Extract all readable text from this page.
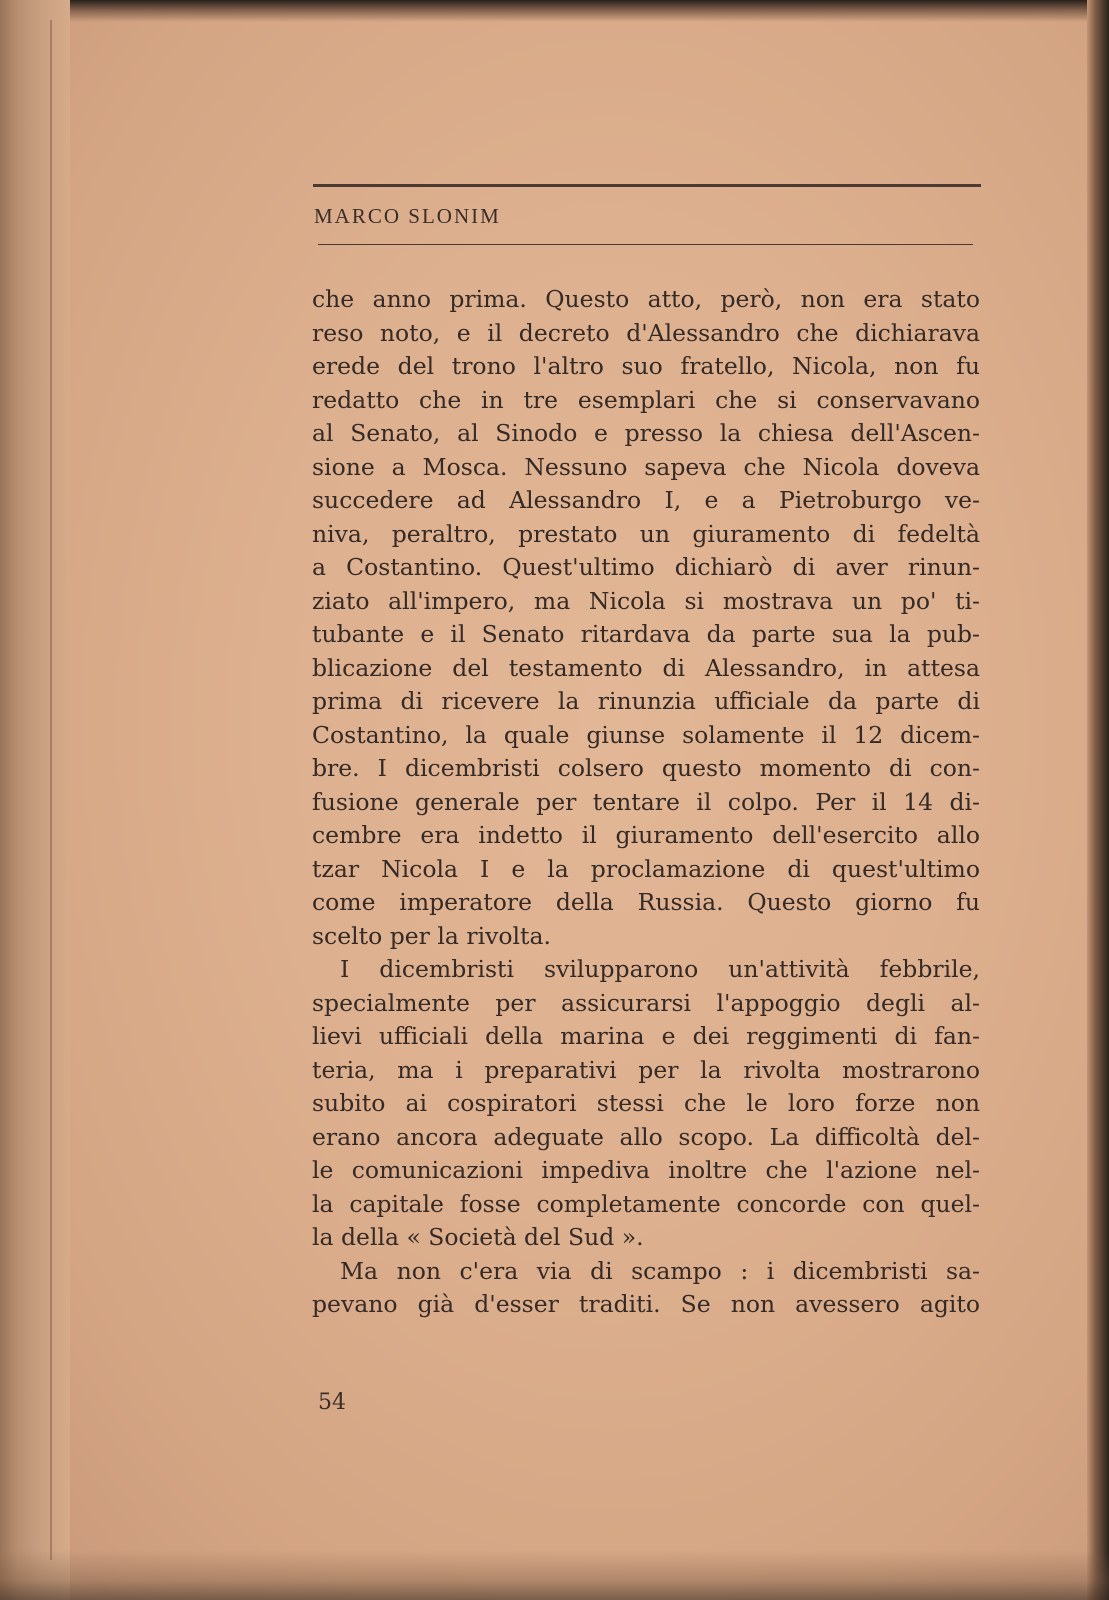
MARCO SLONIM
che anno prima. Questo atto, però, non era stato
reso noto, e il decreto d'Alessandro che dichiarava
erede del trono l'altro suo fratello, Nicola, non fu
redatto che in tre esemplari che si conservavano
al Senato, al Sinodo e presso la chiesa dell'Ascen-
sione a Mosca. Nessuno sapeva che Nicola doveva
succedere ad Alessandro I, e a Pietroburgo ve-
niva, peraltro, prestato un giuramento di fedeltà
a Costantino. Quest'ultimo dichiarò di aver rinun-
ziato all'impero, ma Nicola si mostrava un po' ti-
tubante e il Senato ritardava da parte sua la pub-
blicazione del testamento di Alessandro, in attesa
prima di ricevere la rinunzia ufficiale da parte di
Costantino, la quale giunse solamente il 12 dicem-
bre. I dicembristi colsero questo momento di con-
fusione generale per tentare il colpo. Per il 14 di-
cembre era indetto il giuramento dell'esercito allo
tzar Nicola I e la proclamazione di quest'ultimo
come imperatore della Russia. Questo giorno fu
scelto per la rivolta.
I dicembristi svilupparono un'attività febbrile,
specialmente per assicurarsi l'appoggio degli al-
lievi ufficiali della marina e dei reggimenti di fan-
teria, ma i preparativi per la rivolta mostrarono
subito ai cospiratori stessi che le loro forze non
erano ancora adeguate allo scopo. La difficoltà del-
le comunicazioni impediva inoltre che l'azione nel-
la capitale fosse completamente concorde con quel-
la della « Società del Sud ».
Ma non c'era via di scampo : i dicembristi sa-
pevano già d'esser traditi. Se non avessero agito
54
